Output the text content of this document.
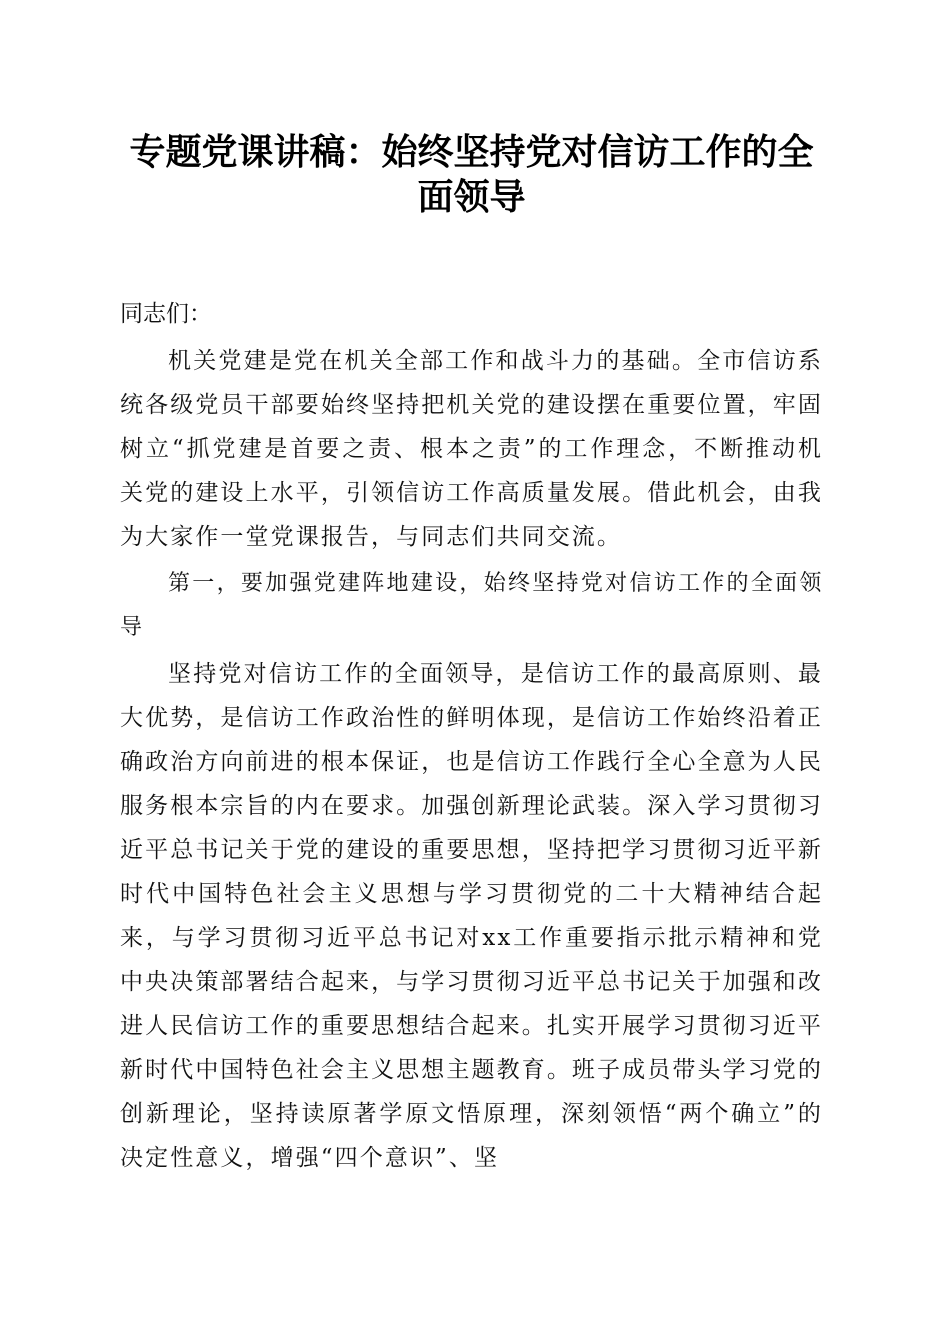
专题党课讲稿：始终坚持党对信访工作的全面领导

同志们：

机关党建是党在机关全部工作和战斗力的基础。全市信访系统各级党员干部要始终坚持把机关党的建设摆在重要位置，牢固树立“抓党建是首要之责、根本之责”的工作理念，不断推动机关党的建设上水平，引领信访工作高质量发展。借此机会，由我为大家作一堂党课报告，与同志们共同交流。

第一，要加强党建阵地建设，始终坚持党对信访工作的全面领导

坚持党对信访工作的全面领导，是信访工作的最高原则、最大优势，是信访工作政治性的鲜明体现，是信访工作始终沿着正确政治方向前进的根本保证，也是信访工作践行全心全意为人民服务根本宗旨的内在要求。加强创新理论武装。深入学习贯彻习近平总书记关于党的建设的重要思想，坚持把学习贯彻习近平新时代中国特色社会主义思想与学习贯彻党的二十大精神结合起来，与学习贯彻习近平总书记对xx工作重要指示批示精神和党中央决策部署结合起来，与学习贯彻习近平总书记关于加强和改进人民信访工作的重要思想结合起来。扎实开展学习贯彻习近平新时代中国特色社会主义思想主题教育。班子成员带头学习党的创新理论，坚持读原著学原文悟原理，深刻领悟“两个确立”的决定性意义，增强“四个意识”、坚
